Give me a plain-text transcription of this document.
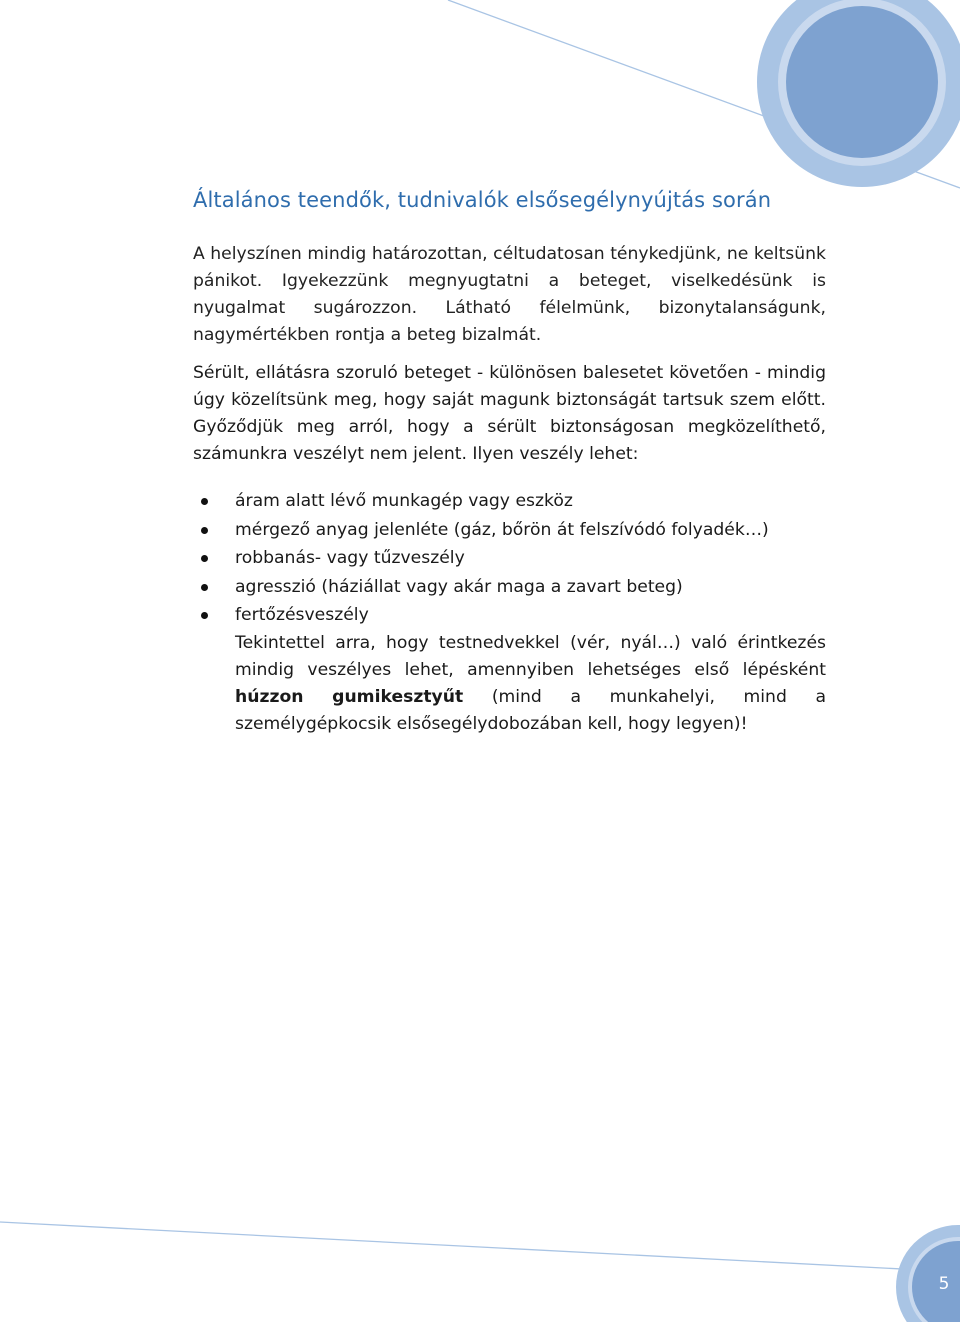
Általános teendők, tudnivalók elsősegélynyújtás során

A helyszínen mindig határozottan, céltudatosan ténykedjünk, ne keltsünk pánikot. Igyekezzünk megnyugtatni a beteget, viselkedésünk is nyugalmat sugározzon. Látható félelmünk, bizonytalanságunk, nagymértékben rontja a beteg bizalmát.

Sérült, ellátásra szoruló beteget - különösen balesetet követően - mindig úgy közelítsünk meg, hogy saját magunk biztonságát tartsuk szem előtt. Győződjük meg arról, hogy a sérült biztonságosan megközelíthető, számunkra veszélyt nem jelent. Ilyen veszély lehet:

áram alatt lévő munkagép vagy eszköz
mérgező anyag jelenléte (gáz, bőrön át felszívódó folyadék…)
robbanás- vagy tűzveszély
agresszió (háziállat vagy akár maga a zavart beteg)
fertőzésveszély

Tekintettel arra, hogy testnedvekkel (vér, nyál…) való érintkezés mindig veszélyes lehet, amennyiben lehetséges első lépésként húzzon gumikesztyűt (mind a munkahelyi, mind a személygépkocsik elsősegélydobozában kell, hogy legyen)!

5
